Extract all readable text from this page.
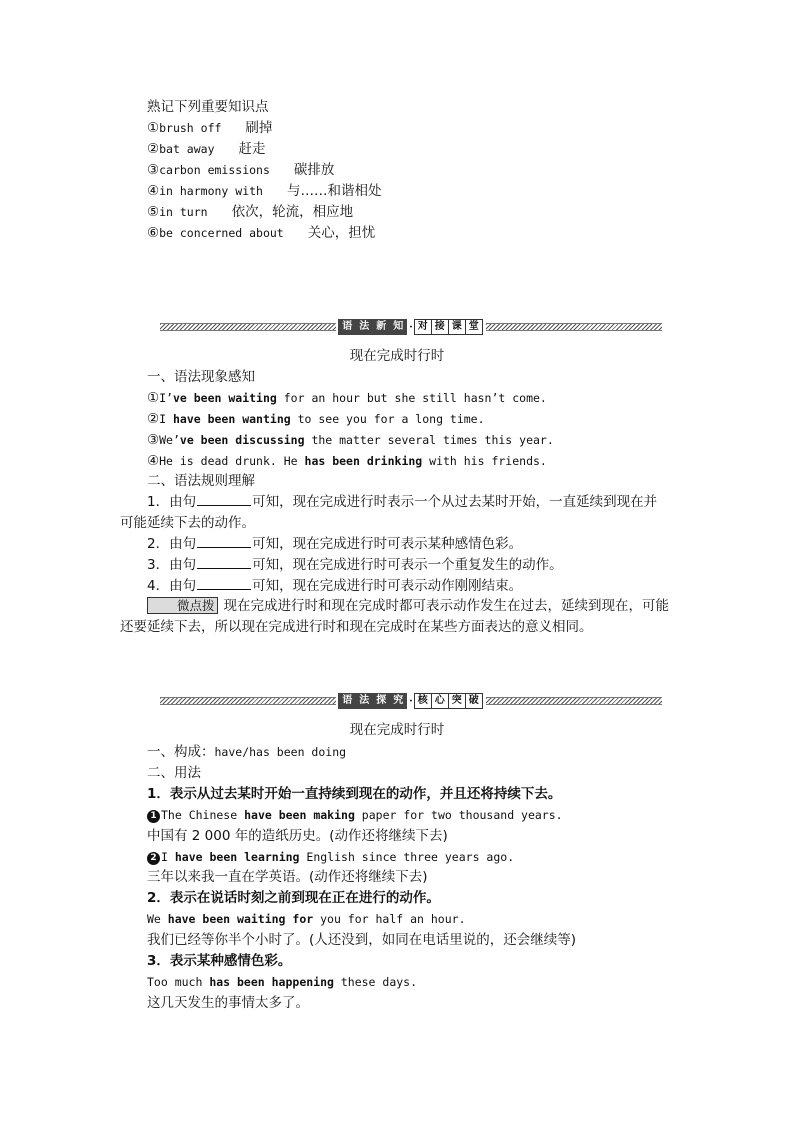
熟记下列重要知识点
①brush off 刷掉
②bat away 赶走
③carbon emissions 碳排放
④in harmony with 与……和谐相处
⑤in turn 依次，轮流，相应地
⑥be concerned about 关心，担忧
语 法 新 知 · 对 接 课 堂
现在完成时行时
一、语法现象感知
①I’ve been waiting for an hour but she still hasn’t come.
②I have been wanting to see you for a long time.
③We’ve been discussing the matter several times this year.
④He is dead drunk. He has been drinking with his friends.
二、语法规则理解
1．由句	可知，现在完成进行时表示一个从过去某时开始，一直延续到现在并
可能延续下去的动作。
2．由句	可知，现在完成进行时可表示某种感情色彩。
3．由句	可知，现在完成进行时可表示一个重复发生的动作。
4．由句	可知，现在完成进行时可表示动作刚刚结束。
微点拨 现在完成进行时和现在完成时都可表示动作发生在过去，延续到现在，可能还要延续下去，所以现在完成进行时和现在完成时在某些方面表达的意义相同。
语 法 探 究 · 核 心 突 破
现在完成时行时
一、构成：have/has been doing
二、用法
1．表示从过去某时开始一直持续到现在的动作，并且还将持续下去。
1 The Chinese have been making paper for two thousand years.
中国有 2 000 年的造纸历史。(动作还将继续下去)
2 I have been learning English since three years ago.
三年以来我一直在学英语。(动作还将继续下去)
2．表示在说话时刻之前到现在正在进行的动作。
We have been waiting for you for half an hour.
我们已经等你半个小时了。(人还没到，如同在电话里说的，还会继续等)
3．表示某种感情色彩。
Too much has been happening these days.
这几天发生的事情太多了。
